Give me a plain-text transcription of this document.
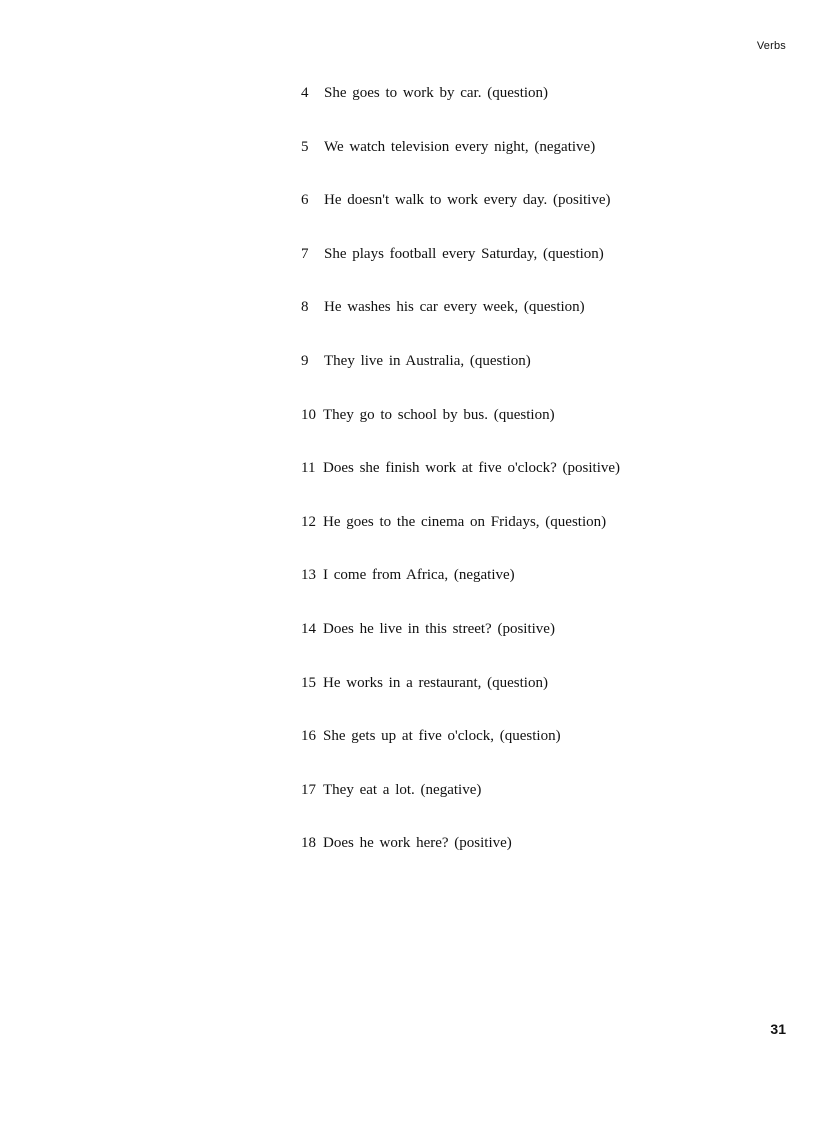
Verbs
4 She goes to work by car. (question)
5 We watch television every night, (negative)
6 He doesn't walk to work every day. (positive)
7 She plays football every Saturday, (question)
8 He washes his car every week, (question)
9 They live in Australia, (question)
10 They go to school by bus. (question)
11 Does she finish work at five o'clock? (positive)
12 He goes to the cinema on Fridays, (question)
13 I come from Africa, (negative)
14 Does he live in this street? (positive)
15 He works in a restaurant, (question)
16 She gets up at five o'clock, (question)
17 They eat a lot. (negative)
18 Does he work here? (positive)
31
